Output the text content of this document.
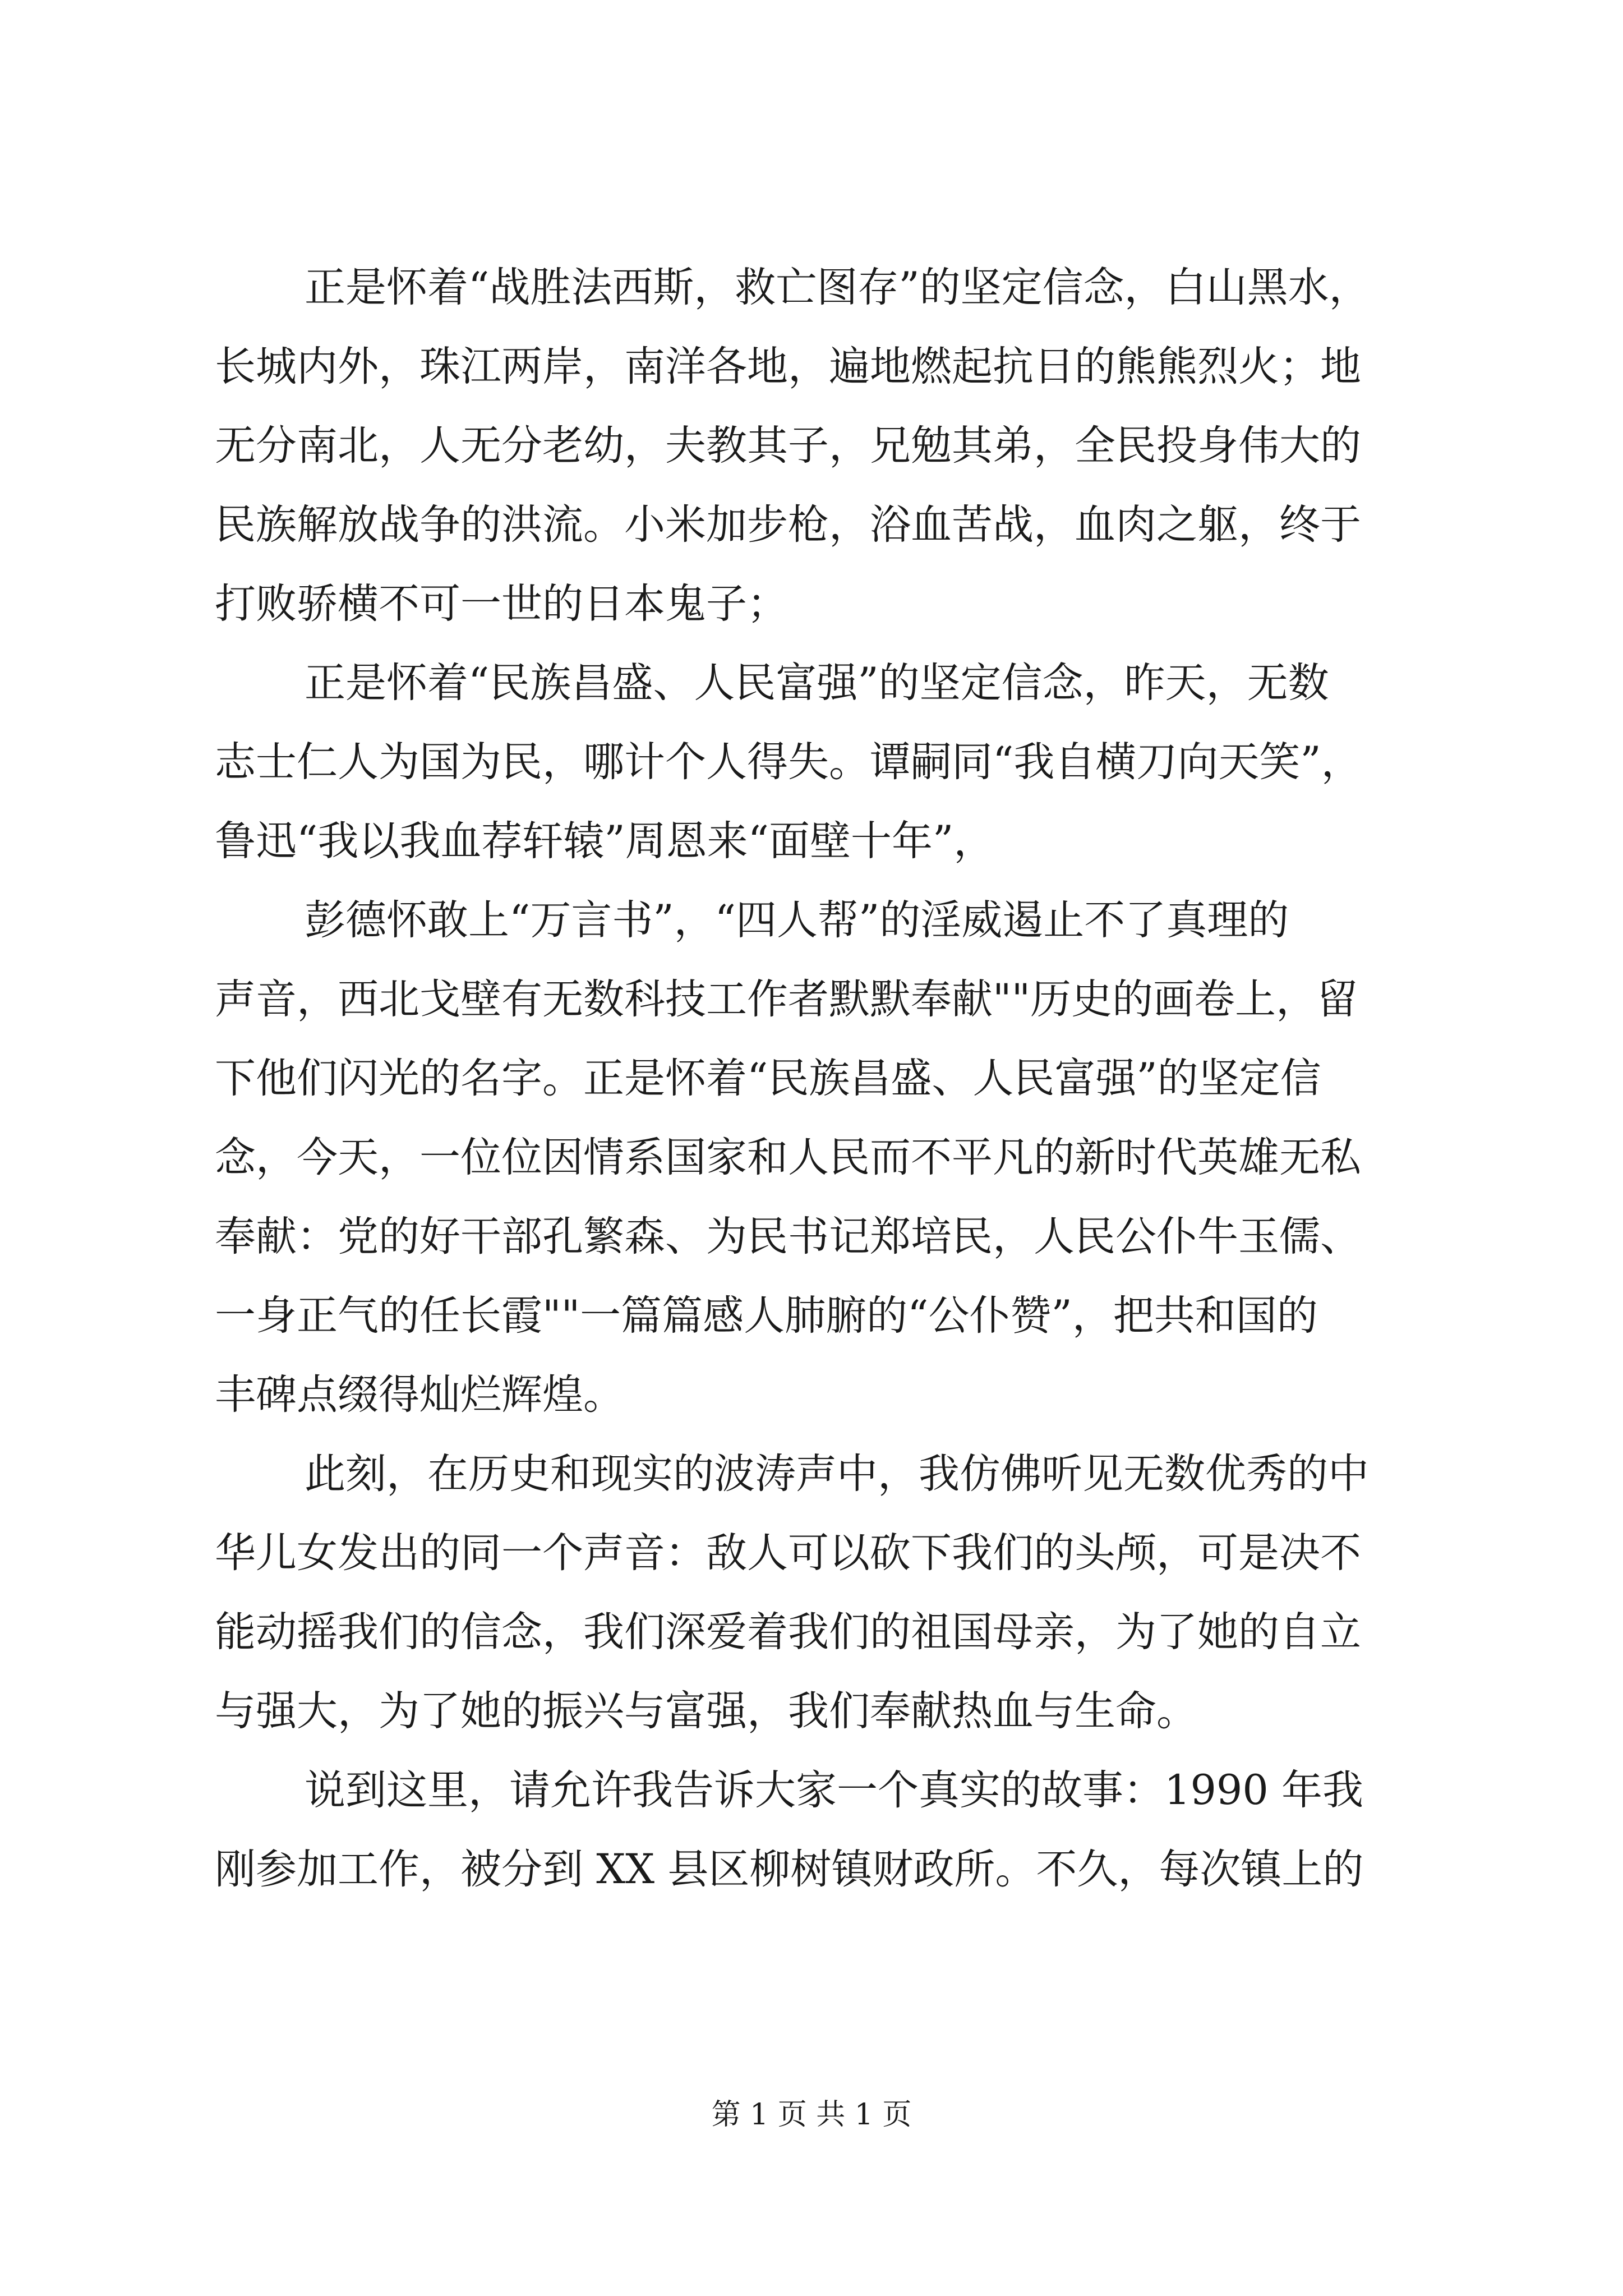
正是怀着“战胜法西斯，救亡图存”的坚定信念，白山黑水，
长城内外，珠江两岸，南洋各地，遍地燃起抗日的熊熊烈火；地
无分南北，人无分老幼，夫教其子，兄勉其弟，全民投身伟大的
民族解放战争的洪流。小米加步枪，浴血苦战，血肉之躯，终于
打败骄横不可一世的日本鬼子；
正是怀着“民族昌盛、人民富强”的坚定信念，昨天，无数
志士仁人为国为民，哪计个人得失。谭嗣同“我自横刀向天笑”，
鲁迅“我以我血荐轩辕”周恩来“面壁十年”，
彭德怀敢上“万言书”，“四人帮”的淫威遏止不了真理的
声音，西北戈壁有无数科技工作者默默奉献""历史的画卷上，留
下他们闪光的名字。正是怀着“民族昌盛、人民富强”的坚定信
念，今天，一位位因情系国家和人民而不平凡的新时代英雄无私
奉献：党的好干部孔繁森、为民书记郑培民，人民公仆牛玉儒、
一身正气的任长霞""一篇篇感人肺腑的“公仆赞”，把共和国的
丰碑点缀得灿烂辉煌。
此刻，在历史和现实的波涛声中，我仿佛听见无数优秀的中
华儿女发出的同一个声音：敌人可以砍下我们的头颅，可是决不
能动摇我们的信念，我们深爱着我们的祖国母亲，为了她的自立
与强大，为了她的振兴与富强，我们奉献热血与生命。
说到这里，请允许我告诉大家一个真实的故事：1990 年我
刚参加工作，被分到 XX 县区柳树镇财政所。不久，每次镇上的
第 1 页 共 1 页
